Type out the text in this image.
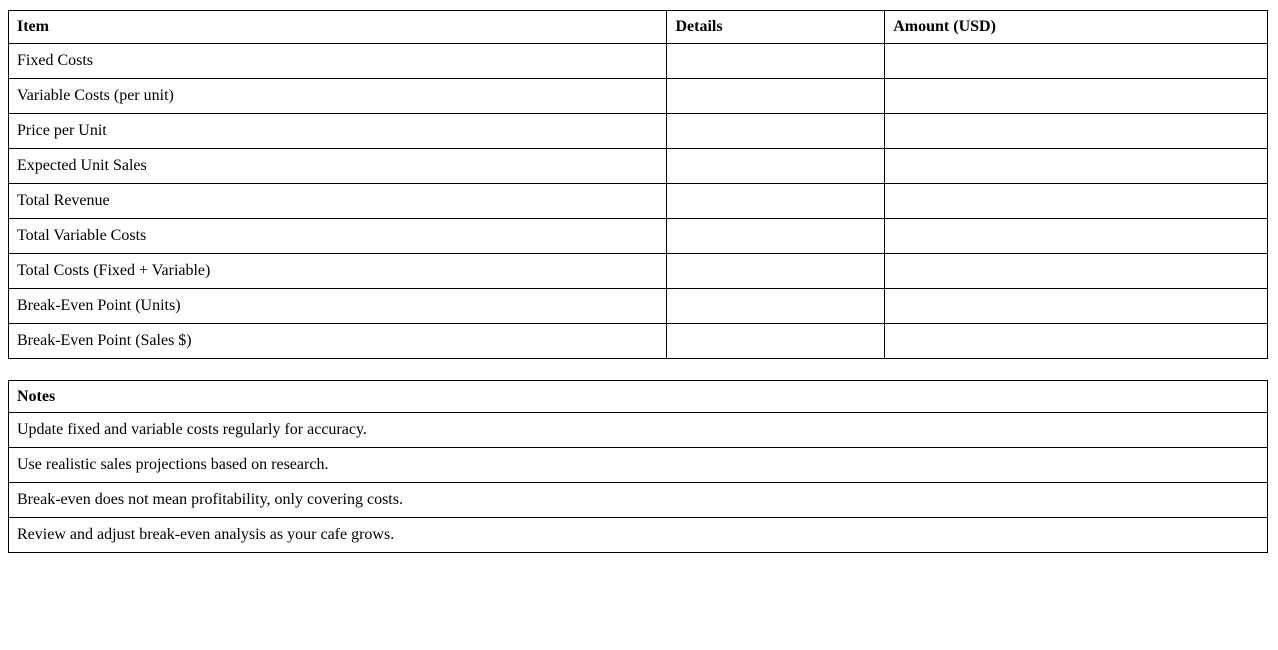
Item	Details	Amount (USD)
Fixed Costs		
Variable Costs (per unit)		
Price per Unit		
Expected Unit Sales		
Total Revenue		
Total Variable Costs		
Total Costs (Fixed + Variable)		
Break-Even Point (Units)		
Break-Even Point (Sales $)		
Notes
Update fixed and variable costs regularly for accuracy.
Use realistic sales projections based on research.
Break-even does not mean profitability, only covering costs.
Review and adjust break-even analysis as your cafe grows.
